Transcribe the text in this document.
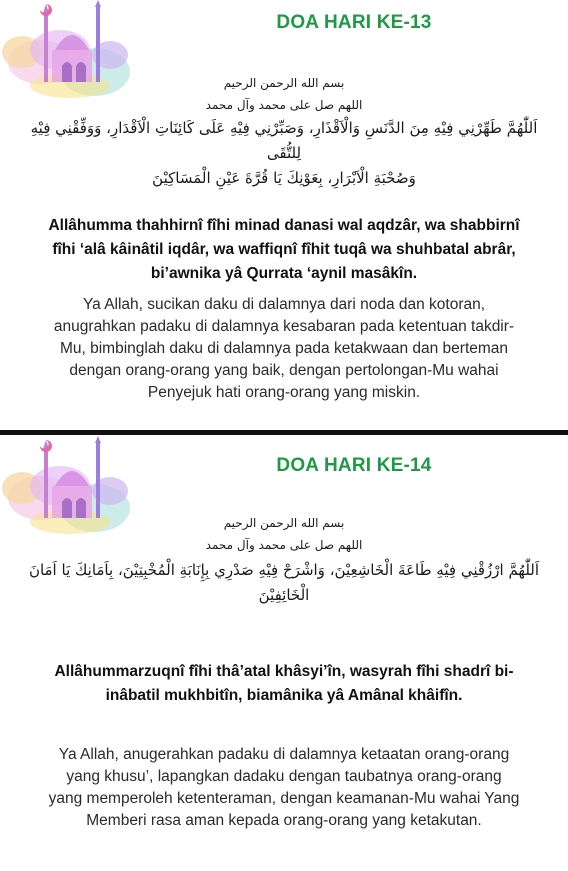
DOA HARI KE-13
بسم الله الرحمن الرحيم
اللهم صل على محمد وآل محمد
اَللّٰهُمَّ طَهِّرْنِي فِيْهِ مِنَ الدَّنَسِ وَالْاَقْذَارِ، وَصَبِّرْنِي فِيْهِ عَلَى كَائِنَاتِ الْاَقْدَارِ، وَوَفِّقْنِي فِيْهِ لِلتُّقَى
وَصُحْبَةِ الْاَبْرَارِ، بِعَوْنِكَ يَا قُرَّةَ عَيْنِ الْمَسَاكِيْنَ
Allâhumma thahhirnî fîhi minad danasi wal aqdzâr, wa shabbirnî
fîhi ‘alâ kâinâtil iqdâr, wa waffiqnî fîhit tuqâ wa shuhbatal abrâr,
bi’awnika yâ Qurrata ‘aynil masâkîn.
Ya Allah, sucikan daku di dalamnya dari noda dan kotoran,
anugrahkan padaku di dalamnya kesabaran pada ketentuan takdir-
Mu, bimbinglah daku di dalamnya pada ketakwaan dan berteman
dengan orang-orang yang baik, dengan pertolongan-Mu wahai
Penyejuk hati orang-orang yang miskin.
DOA HARI KE-14
بسم الله الرحمن الرحيم
اللهم صل على محمد وآل محمد
اَللّٰهُمَّ ارْزُقْنِي فِيْهِ طَاعَةَ الْخَاشِعِيْنَ، وَاشْرَحْ فِيْهِ صَدْرِي بِإِنَابَةِ الْمُخْبِتِيْنَ، بِاَمَانِكَ يَا اَمَانَ
الْخَائِفِيْنَ
Allâhummarzuqnî fîhi thâ’atal khâsyi’în, wasyrah fîhi shadrî bi-
inâbatil mukhbitîn, biamânika yâ Amânal khâifîn.
Ya Allah, anugerahkan padaku di dalamnya ketaatan orang-orang
yang khusu’, lapangkan dadaku dengan taubatnya orang-orang
yang memperoleh ketenteraman, dengan keamanan-Mu wahai Yang
Memberi rasa aman kepada orang-orang yang ketakutan.
